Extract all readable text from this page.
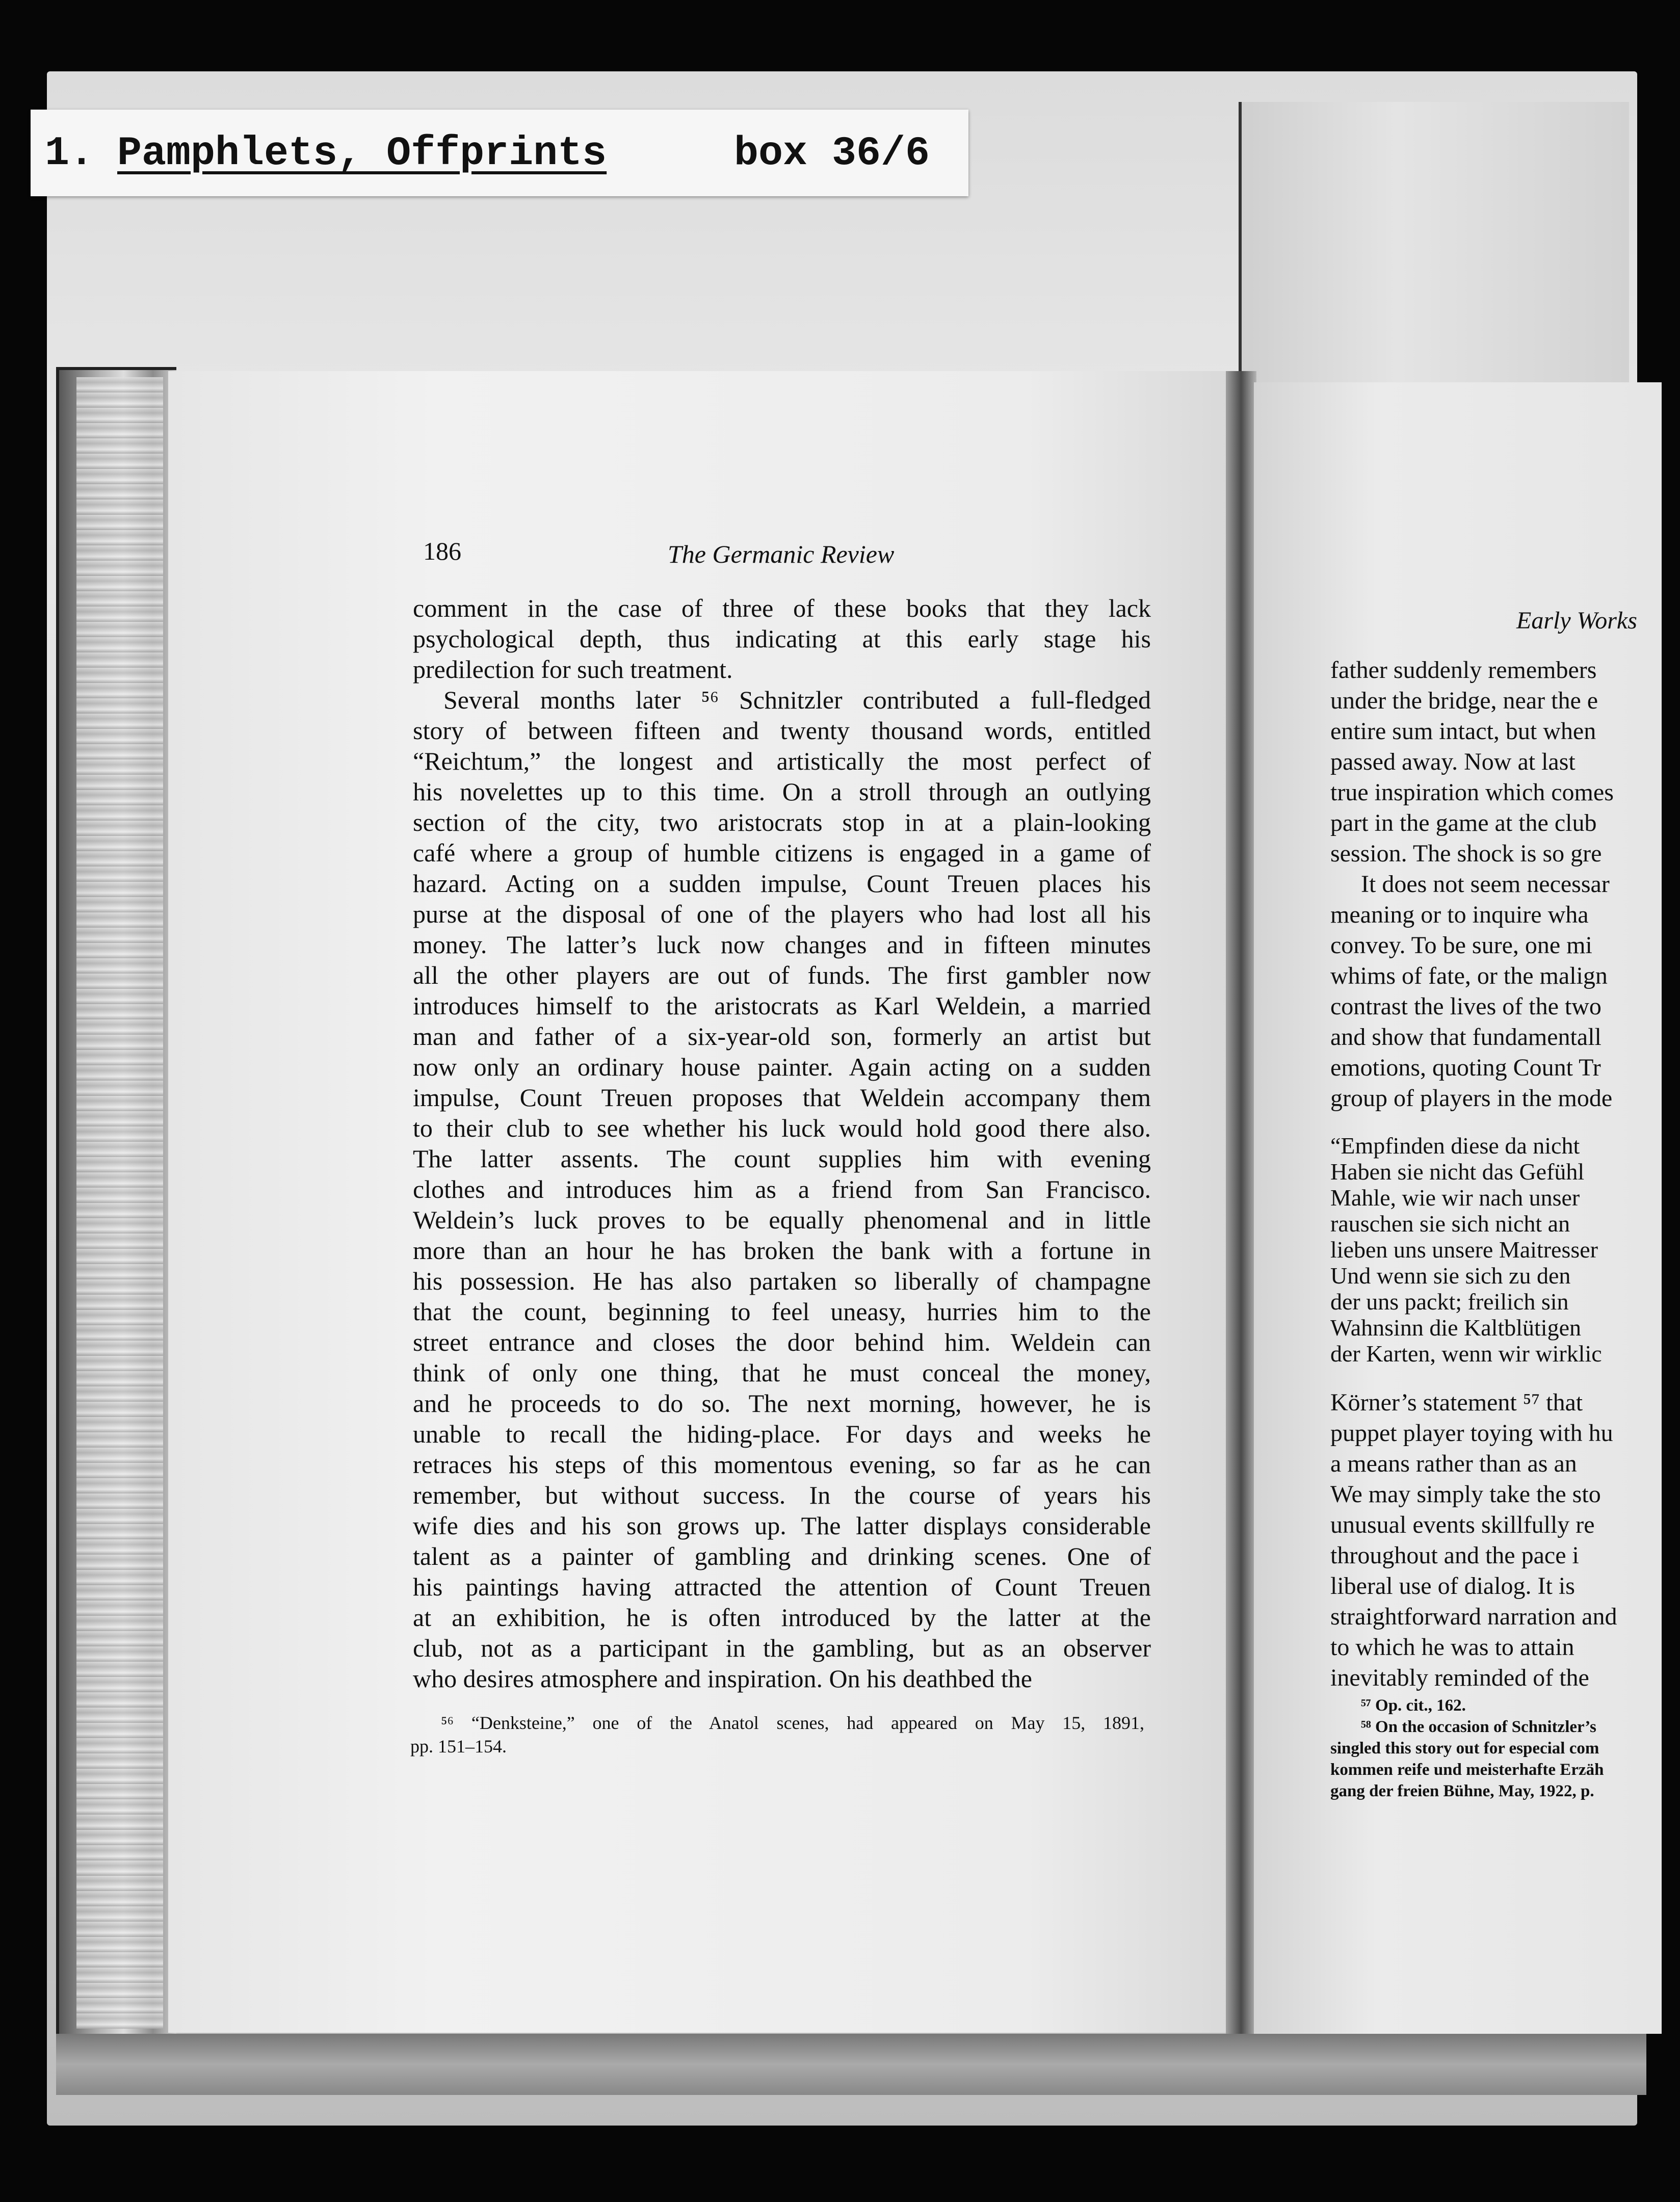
1. Pamphlets, Offprints	box 36/6
Early Works
father suddenly remembers
under the bridge, near the e
entire sum intact, but when
passed away. Now at last
true inspiration which comes
part in the game at the club
session. The shock is so gre
It does not seem necessar
meaning or to inquire wha
convey. To be sure, one mi
whims of fate, or the malign
contrast the lives of the two
and show that fundamentall
emotions, quoting Count Tr
group of players in the mode
“Empfinden diese da nicht
Haben sie nicht das Gefühl
Mahle, wie wir nach unser
rauschen sie sich nicht an
lieben uns unsere Maitresser
Und wenn sie sich zu den
der uns packt; freilich sin
Wahnsinn die Kaltblütigen
der Karten, wenn wir wirklic
Körner’s statement ⁵⁷ that
puppet player toying with hu
a means rather than as an
We may simply take the sto
unusual events skillfully re
throughout and the pace i
liberal use of dialog. It is
straightforward narration and
to which he was to attain
inevitably reminded of the
⁵⁷ Op. cit., 162.
⁵⁸ On the occasion of Schnitzler’s
singled this story out for especial com
kommen reife und meisterhafte Erzäh
gang der freien Bühne, May, 1922, p.
186	The Germanic Review
comment in the case of three of these books that they lack
psychological depth, thus indicating at this early stage his
predilection for such treatment.
Several months later ⁵⁶ Schnitzler contributed a full-fledged
story of between fifteen and twenty thousand words, entitled
“Reichtum,” the longest and artistically the most perfect of
his novelettes up to this time. On a stroll through an outlying
section of the city, two aristocrats stop in at a plain-looking
café where a group of humble citizens is engaged in a game of
hazard. Acting on a sudden impulse, Count Treuen places his
purse at the disposal of one of the players who had lost all his
money. The latter’s luck now changes and in fifteen minutes
all the other players are out of funds. The first gambler now
introduces himself to the aristocrats as Karl Weldein, a married
man and father of a six-year-old son, formerly an artist but
now only an ordinary house painter. Again acting on a sudden
impulse, Count Treuen proposes that Weldein accompany them
to their club to see whether his luck would hold good there also.
The latter assents. The count supplies him with evening
clothes and introduces him as a friend from San Francisco.
Weldein’s luck proves to be equally phenomenal and in little
more than an hour he has broken the bank with a fortune in
his possession. He has also partaken so liberally of champagne
that the count, beginning to feel uneasy, hurries him to the
street entrance and closes the door behind him. Weldein can
think of only one thing, that he must conceal the money,
and he proceeds to do so. The next morning, however, he is
unable to recall the hiding-place. For days and weeks he
retraces his steps of this momentous evening, so far as he can
remember, but without success. In the course of years his
wife dies and his son grows up. The latter displays considerable
talent as a painter of gambling and drinking scenes. One of
his paintings having attracted the attention of Count Treuen
at an exhibition, he is often introduced by the latter at the
club, not as a participant in the gambling, but as an observer
who desires atmosphere and inspiration. On his deathbed the
⁵⁶ “Denksteine,” one of the Anatol scenes, had appeared on May 15, 1891,
pp. 151–154.
